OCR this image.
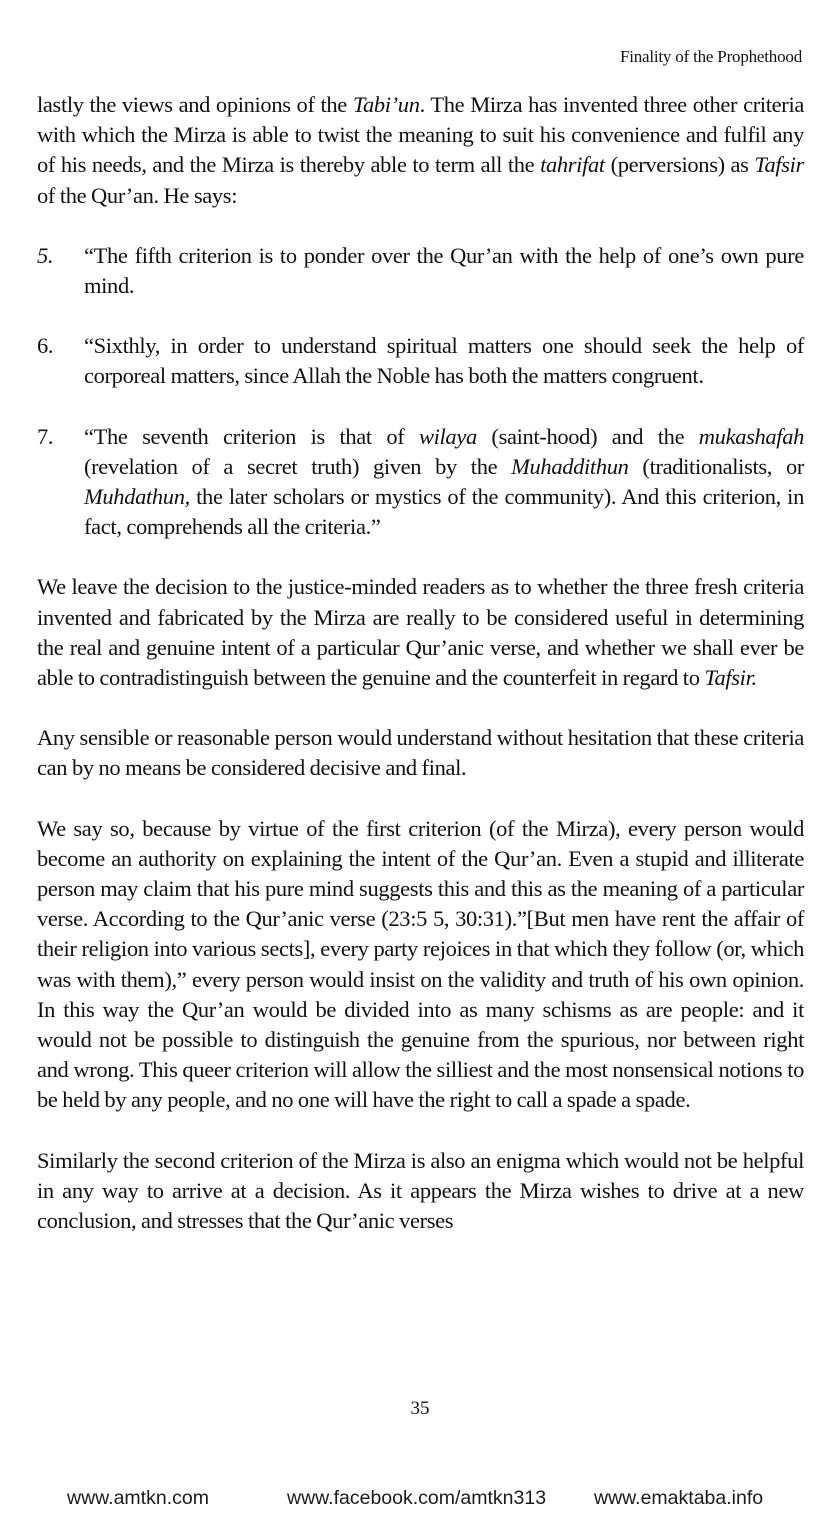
Finality of the Prophethood

lastly the views and opinions of the Tabi’un. The Mirza has invented three other criteria with which the Mirza is able to twist the meaning to suit his convenience and fulfil any of his needs, and the Mirza is thereby able to term all the tahrifat (perversions) as Tafsir of the Qur’an. He says:

5.	“The fifth criterion is to ponder over the Qur’an with the help of one’s own pure mind.
6.	“Sixthly, in order to understand spiritual matters one should seek the help of corporeal matters, since Allah the Noble has both the matters congruent.
7.	“The seventh criterion is that of wilaya (saint-hood) and the mukashafah (revelation of a secret truth) given by the Muhaddithun (traditionalists, or Muhdathun, the later scholars or mystics of the community). And this criterion, in fact, comprehends all the criteria.”

We leave the decision to the justice-minded readers as to whether the three fresh criteria invented and fabricated by the Mirza are really to be considered useful in determining the real and genuine intent of a particular Qur’anic verse, and whether we shall ever be able to contradistinguish between the genuine and the counterfeit in regard to Tafsir.

Any sensible or reasonable person would understand without hesitation that these criteria can by no means be considered decisive and final.

We say so, because by virtue of the first criterion (of the Mirza), every person would become an authority on explaining the intent of the Qur’an. Even a stupid and illiterate person may claim that his pure mind suggests this and this as the meaning of a particular verse. According to the Qur’anic verse (23:5 5, 30:31).”[But men have rent the affair of their religion into various sects], every party rejoices in that which they follow (or, which was with them),” every person would insist on the validity and truth of his own opinion. In this way the Qur’an would be divided into as many schisms as are people: and it would not be possible to distinguish the genuine from the spurious, nor between right and wrong. This queer criterion will allow the silliest and the most nonsensical notions to be held by any people, and no one will have the right to call a spade a spade.

Similarly the second criterion of the Mirza is also an enigma which would not be helpful in any way to arrive at a decision. As it appears the Mirza wishes to drive at a new conclusion, and stresses that the Qur’anic verses

35
www.amtkn.com	www.facebook.com/amtkn313 www.emaktaba.info
